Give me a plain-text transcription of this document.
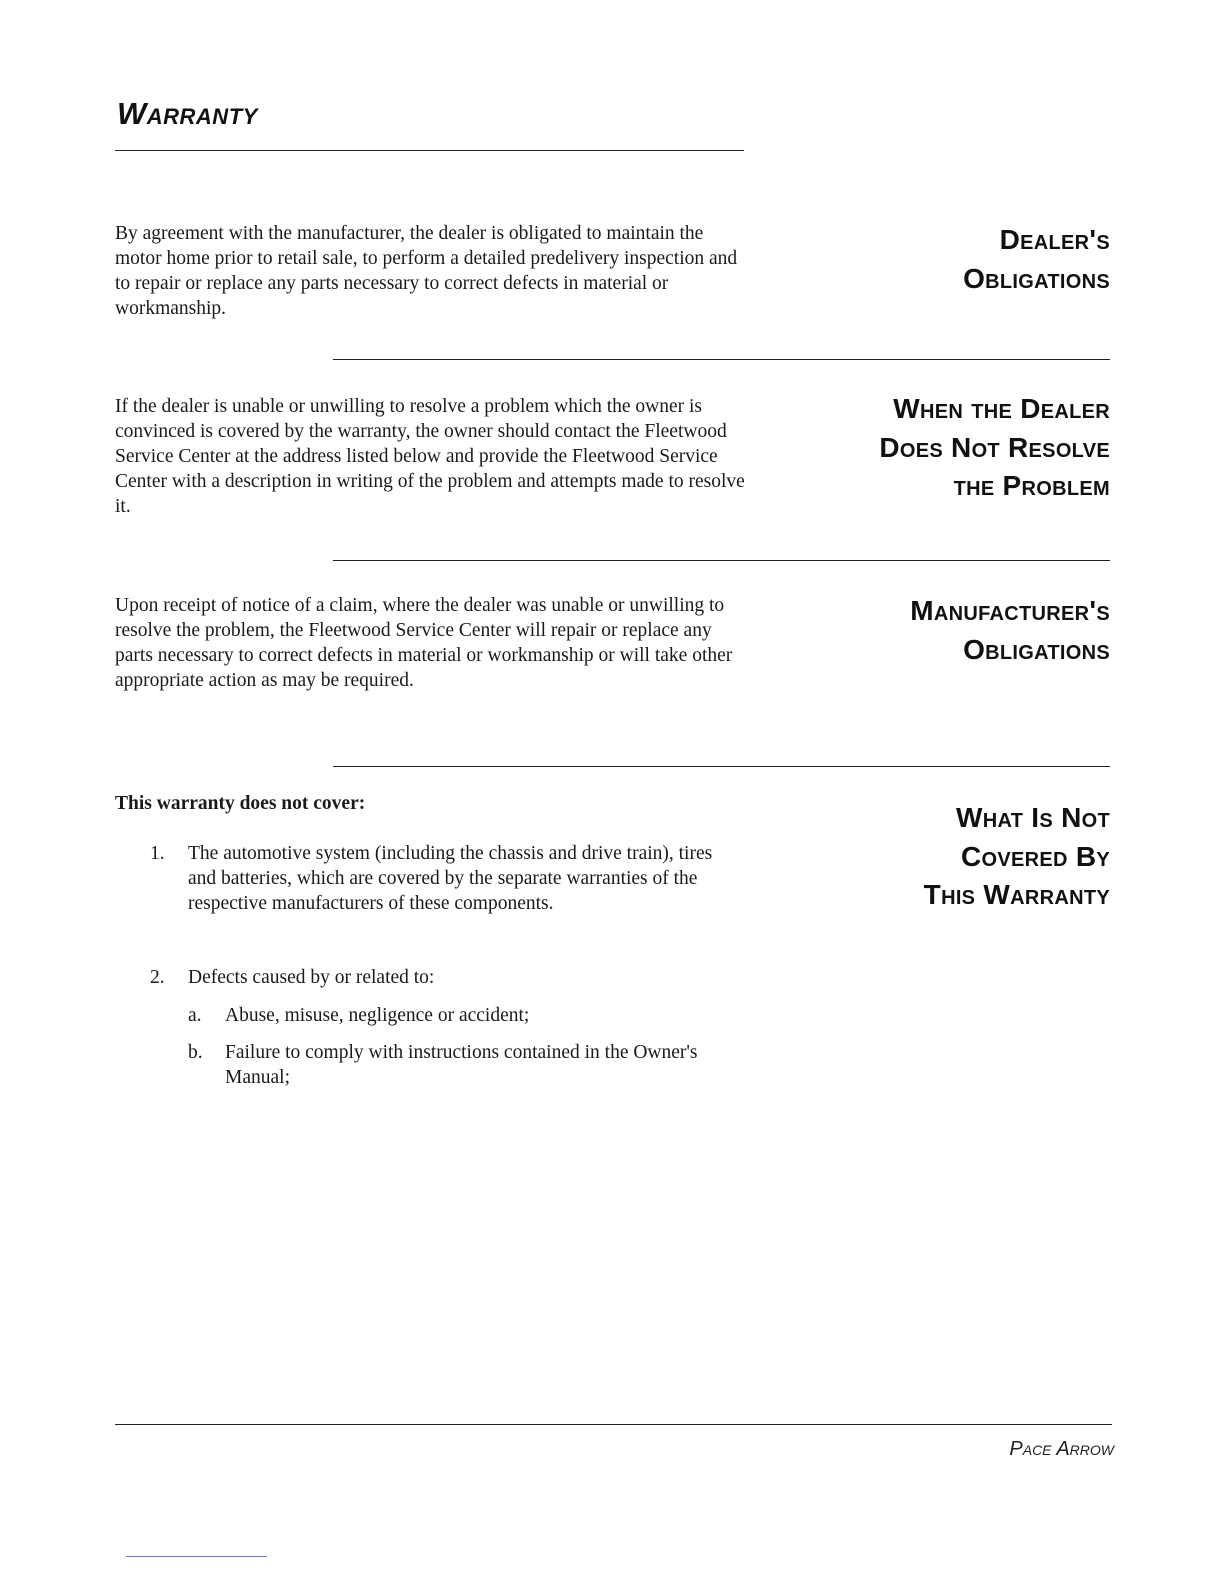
Warranty
By agreement with the manufacturer, the dealer is obligated to maintain the motor home prior to retail sale, to perform a detailed predelivery inspection and to repair or replace any parts necessary to correct defects in material or workmanship.
Dealer's
Obligations
If the dealer is unable or unwilling to resolve a problem which the owner is convinced is covered by the warranty, the owner should contact the Fleetwood Service Center at the address listed below and provide the Fleetwood Service Center with a description in writing of the problem and attempts made to resolve it.
When the Dealer
Does Not Resolve
the Problem
Upon receipt of notice of a claim, where the dealer was unable or unwilling to resolve the problem, the Fleetwood Service Center will repair or replace any parts necessary to correct defects in material or workmanship or will take other appropriate action as may be required.
Manufacturer's
Obligations
This warranty does not cover:	What Is Not
Covered By
This Warranty
1. The automotive system (including the chassis and drive train), tires and batteries, which are covered by the separate warranties of the respective manufacturers of these components.
2. Defects caused by or related to:
a. Abuse, misuse, negligence or accident;
b. Failure to comply with instructions contained in the Owner's Manual;
Pace Arrow
